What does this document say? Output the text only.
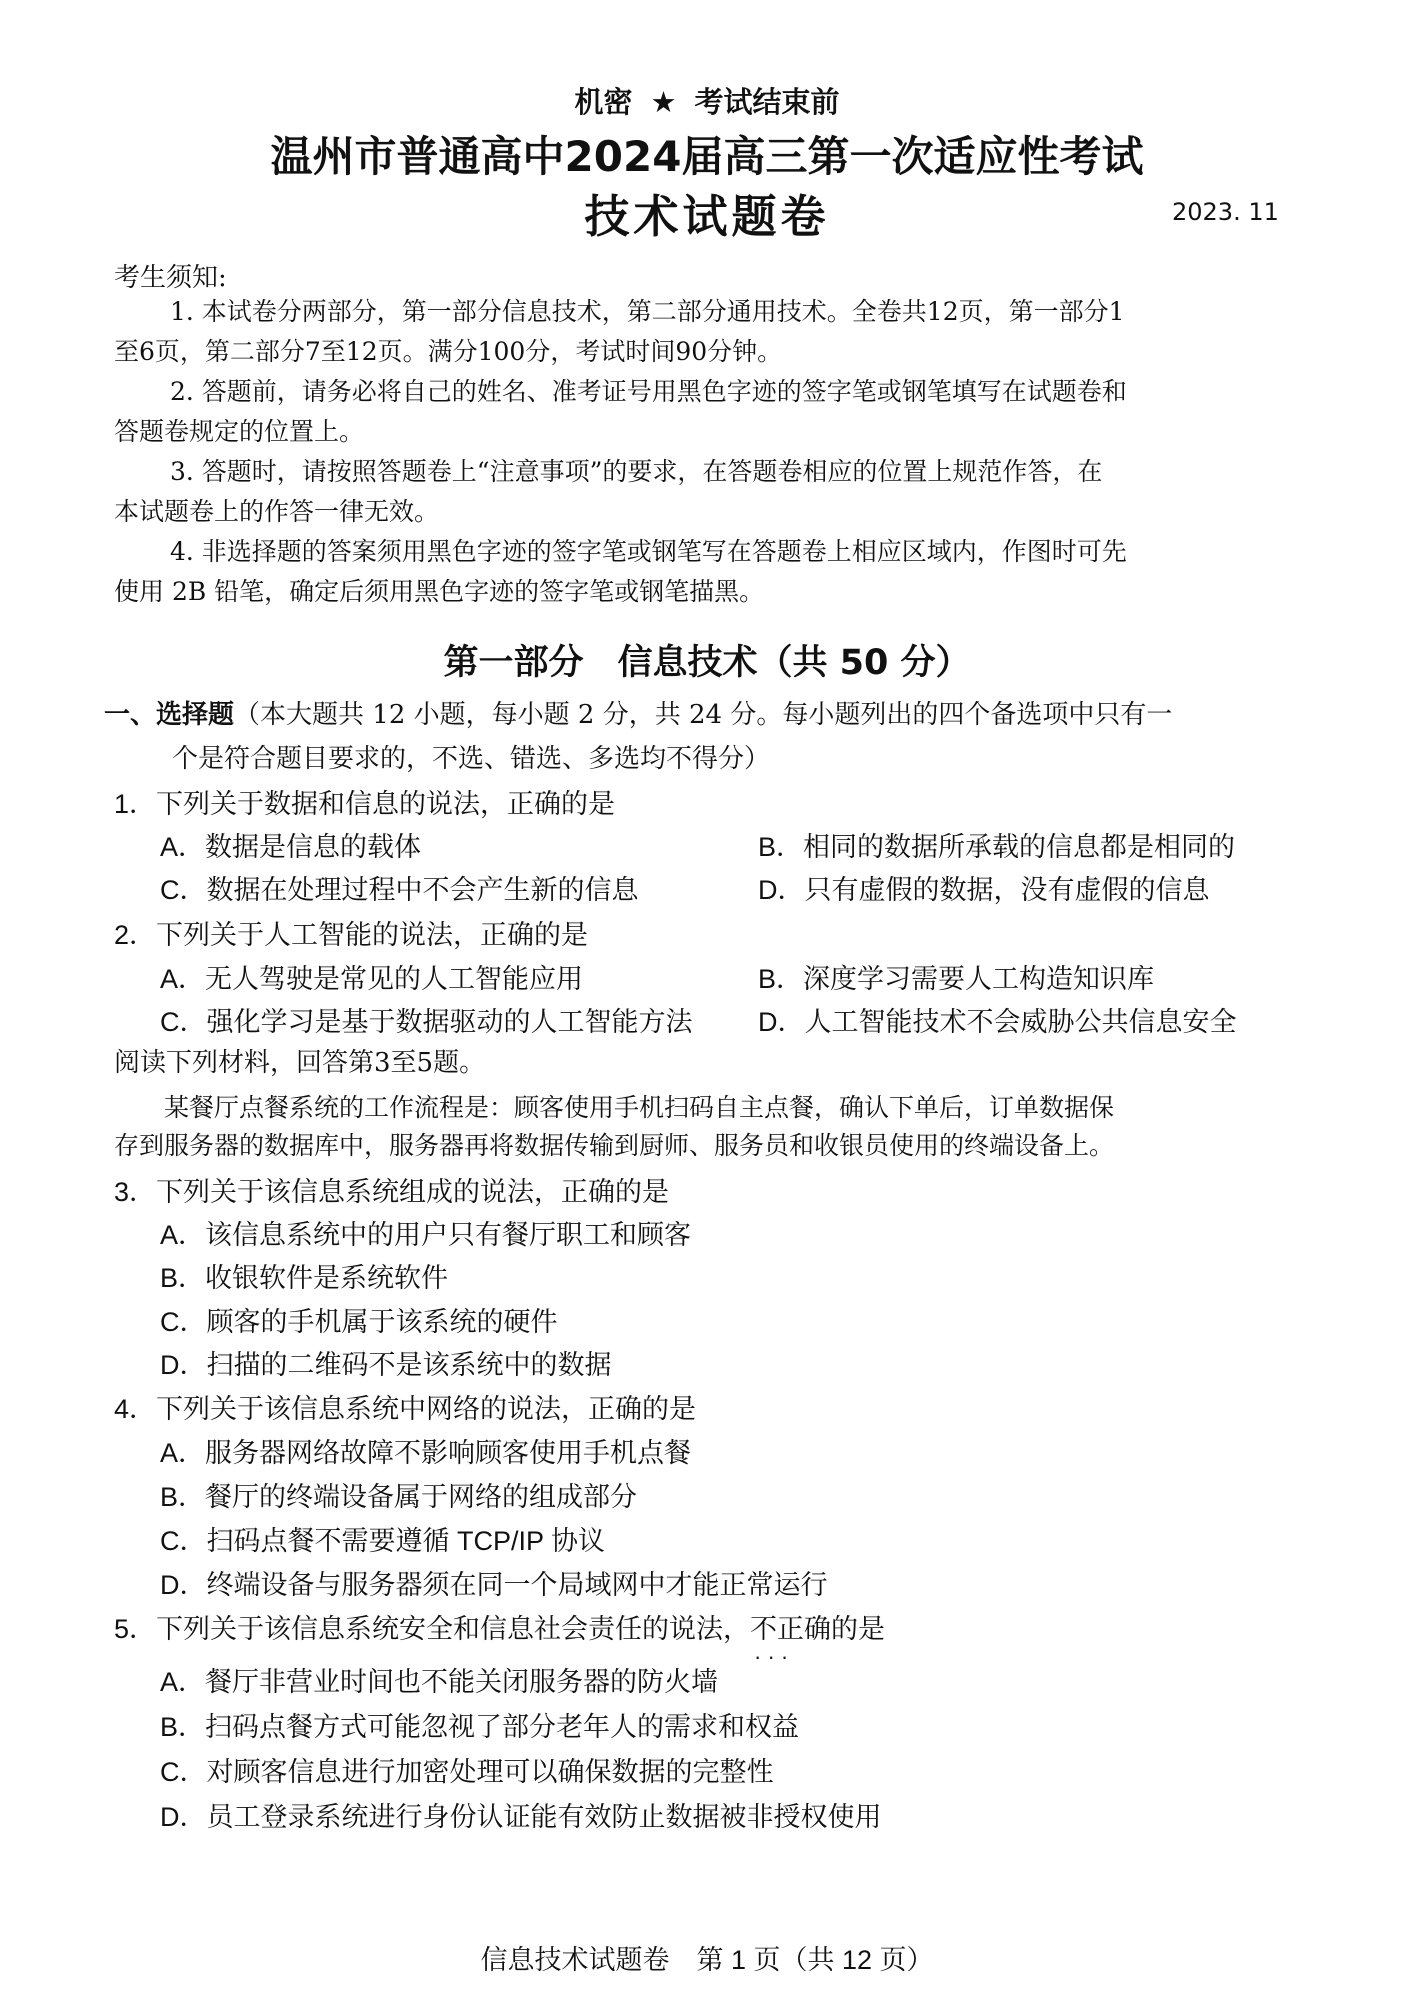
机密 ★ 考试结束前
温州市普通高中2024届高三第一次适应性考试
技术试题卷	2023. 11
考生须知:
1. 本试卷分两部分，第一部分信息技术，第二部分通用技术。全卷共12页，第一部分1
至6页，第二部分7至12页。满分100分，考试时间90分钟。
2. 答题前，请务必将自己的姓名、准考证号用黑色字迹的签字笔或钢笔填写在试题卷和
答题卷规定的位置上。
3. 答题时，请按照答题卷上“注意事项”的要求，在答题卷相应的位置上规范作答，在
本试题卷上的作答一律无效。
4. 非选择题的答案须用黑色字迹的签字笔或钢笔写在答题卷上相应区域内，作图时可先
使用 2B 铅笔，确定后须用黑色字迹的签字笔或钢笔描黑。
第一部分 信息技术（共 50 分）
一、选择题（本大题共 12 小题，每小题 2 分，共 24 分。每小题列出的四个备选项中只有一
个是符合题目要求的，不选、错选、多选均不得分）
1．下列关于数据和信息的说法，正确的是
A．数据是信息的载体	B．相同的数据所承载的信息都是相同的
C．数据在处理过程中不会产生新的信息	D．只有虚假的数据，没有虚假的信息
2．下列关于人工智能的说法，正确的是
A．无人驾驶是常见的人工智能应用	B．深度学习需要人工构造知识库
C．强化学习是基于数据驱动的人工智能方法 D．人工智能技术不会威胁公共信息安全
阅读下列材料，回答第3至5题。
某餐厅点餐系统的工作流程是：顾客使用手机扫码自主点餐，确认下单后，订单数据保
存到服务器的数据库中，服务器再将数据传输到厨师、服务员和收银员使用的终端设备上。
3．下列关于该信息系统组成的说法，正确的是
A．该信息系统中的用户只有餐厅职工和顾客
B．收银软件是系统软件
C．顾客的手机属于该系统的硬件
D．扫描的二维码不是该系统中的数据
4．下列关于该信息系统中网络的说法，正确的是
A．服务器网络故障不影响顾客使用手机点餐
B．餐厅的终端设备属于网络的组成部分
C．扫码点餐不需要遵循 TCP/IP 协议
D．终端设备与服务器须在同一个局域网中才能正常运行
5．下列关于该信息系统安全和信息社会责任的说法，不正确 · · ·的是
A．餐厅非营业时间也不能关闭服务器的防火墙
B．扫码点餐方式可能忽视了部分老年人的需求和权益
C．对顾客信息进行加密处理可以确保数据的完整性
D．员工登录系统进行身份认证能有效防止数据被非授权使用
信息技术试题卷　第 1 页（共 12 页）
